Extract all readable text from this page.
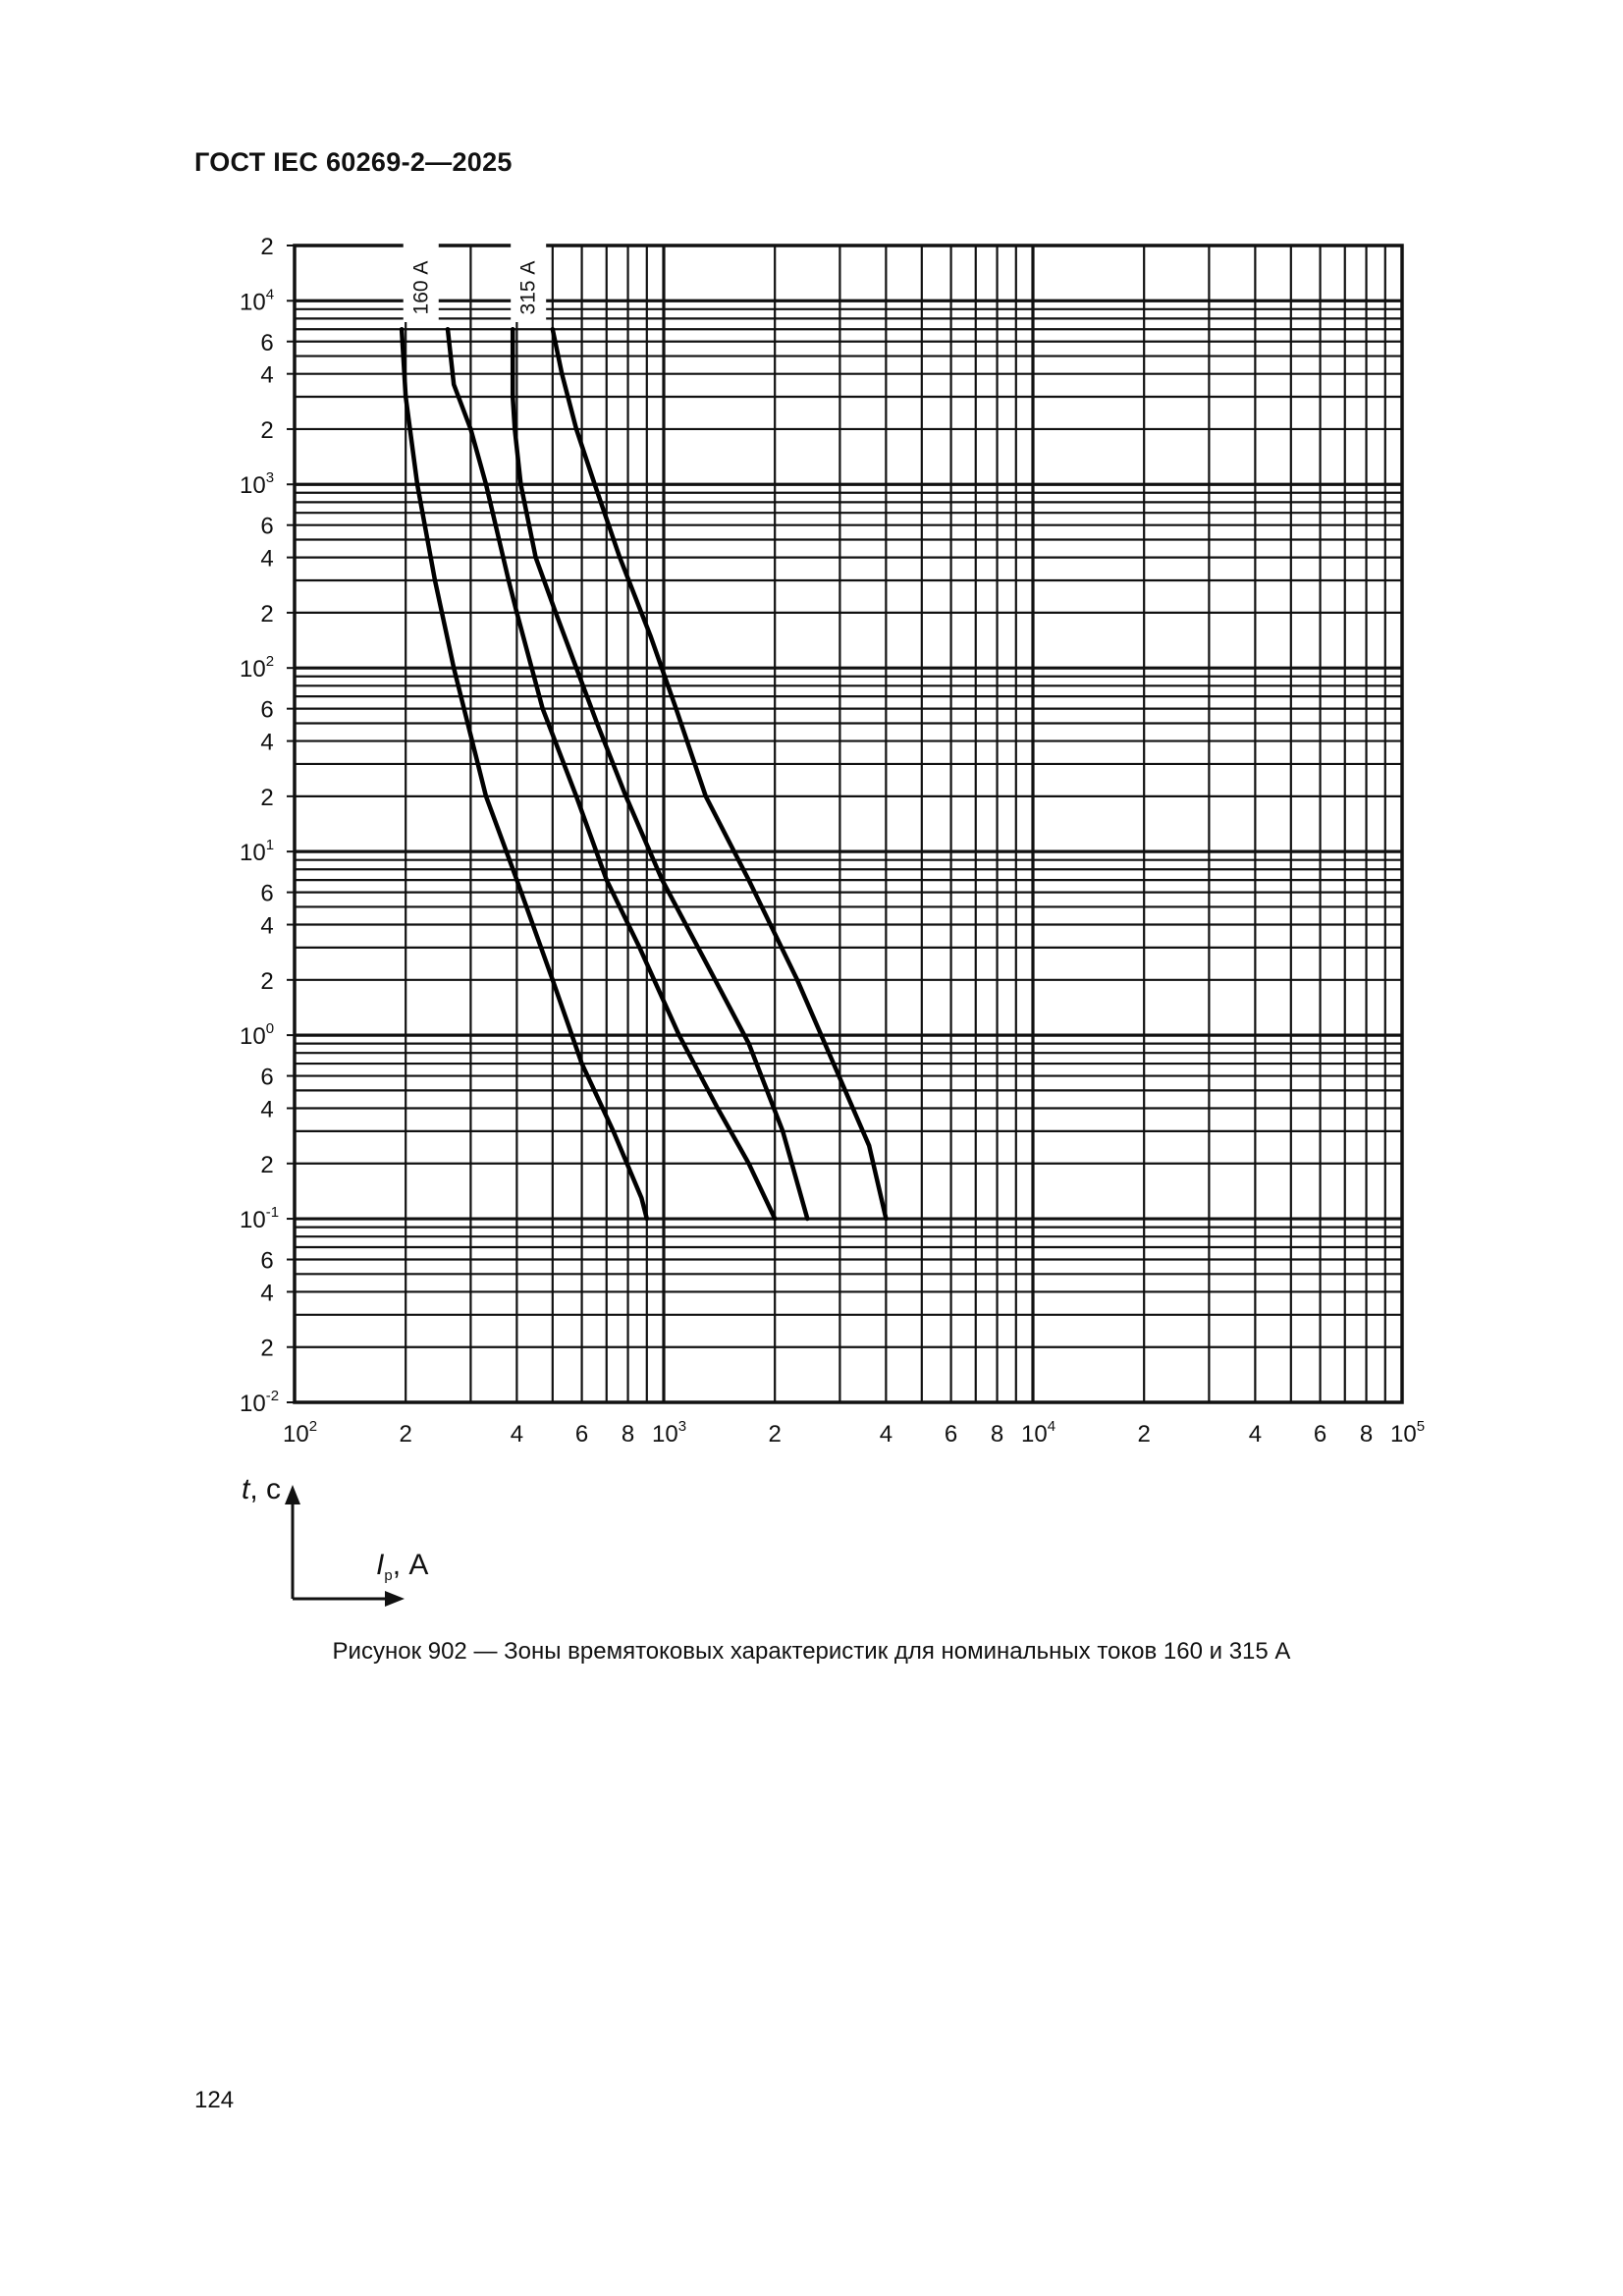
ГОСТ IEC 60269-2—2025
160 А	315 А
2
$10^4$
6
4
2
$10^3$
6
4
2
$10^2$
6
4
2
$10^1$
6
4
2
$10^0$
6
4
2
$10^{-1}$
6
4
2
$10^{-2}$
$10^2$	2	4 6 8 $10^3$	2	4 6 8 $10^4$	2	4 6 8 $10^5$
t, с
$I_р$, А
Рисунок 902 — Зоны времятоковых характеристик для номинальных токов 160 и 315 А
124
